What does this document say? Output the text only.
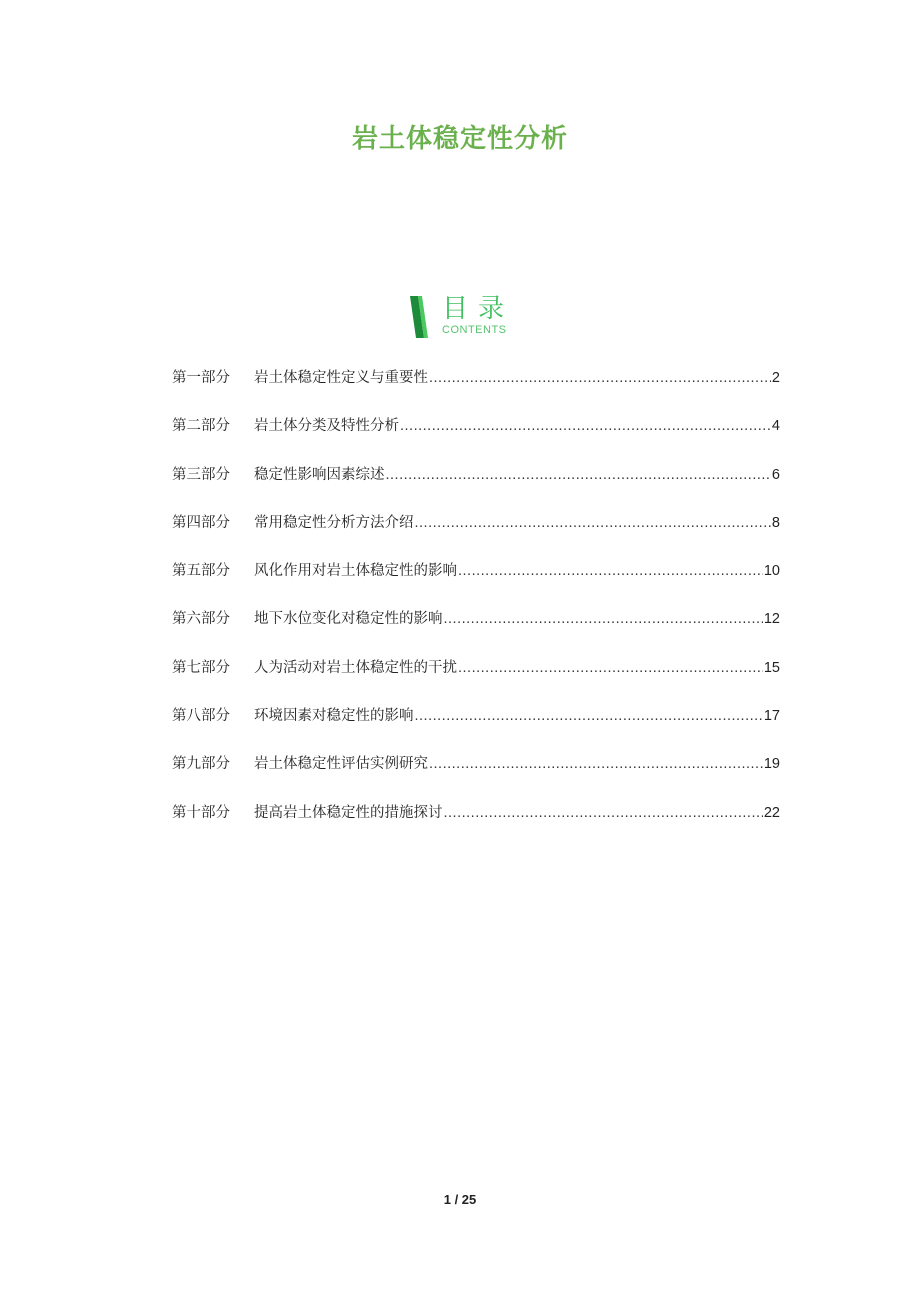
岩土体稳定性分析
目录
CONTENTS
第一部分	岩土体稳定性定义与重要性 .....	2
第二部分	岩土体分类及特性分析 .....	4
第三部分	稳定性影响因素综述 .....	6
第四部分	常用稳定性分析方法介绍 .....	8
第五部分	风化作用对岩土体稳定性的影响 .....	10
第六部分	地下水位变化对稳定性的影响 .....	12
第七部分	人为活动对岩土体稳定性的干扰 .....	15
第八部分	环境因素对稳定性的影响 .....	17
第九部分	岩土体稳定性评估实例研究 .....	19
第十部分	提高岩土体稳定性的措施探讨 .....	22
1 / 25
